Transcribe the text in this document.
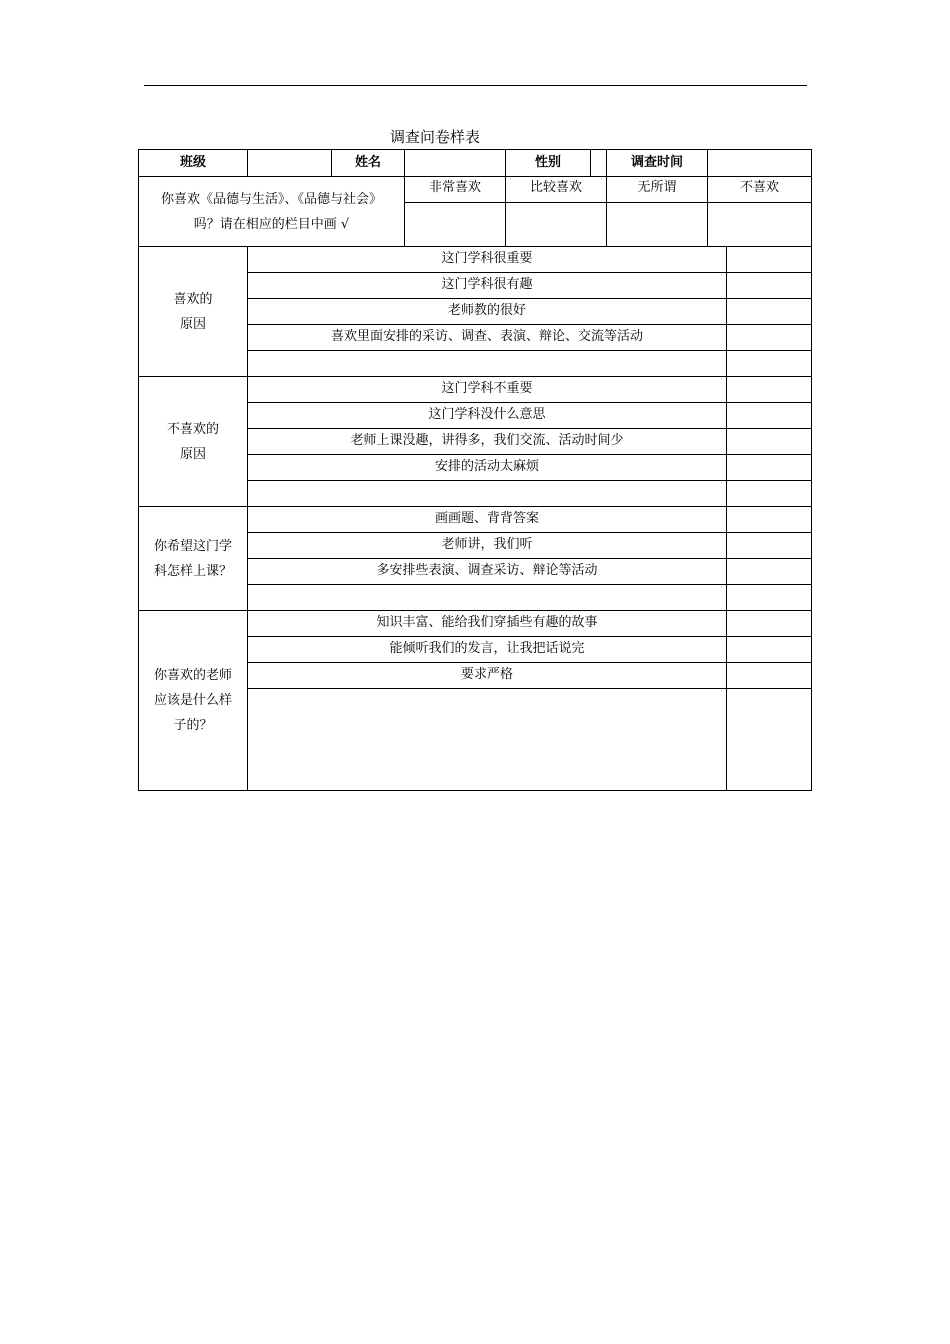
调查问卷样表
班级		姓名		性别	调查时间		

你喜欢《品德与生活》、《品德与社会》
吗？请在相应的栏目中画 √			非常喜欢	比较喜欢	无所谓	不喜欢	

喜欢的
原因	这门学科很重要						
	这门学科很有趣						
	老师教的很好						
	喜欢里面安排的采访、调查、表演、辩论、交流等活动						

不喜欢的
原因	这门学科不重要						
	这门学科没什么意思						
	老师上课没趣，讲得多，我们交流、活动时间少						
	安排的活动太麻烦						

你希望这门学
科怎样上课？	画画题、背背答案						
	老师讲，我们听						
	多安排些表演、调查采访、辩论等活动						

你喜欢的老师
应该是什么样
子的？	知识丰富、能给我们穿插些有趣的故事						
	能倾听我们的发言，让我把话说完						
	要求严格						
